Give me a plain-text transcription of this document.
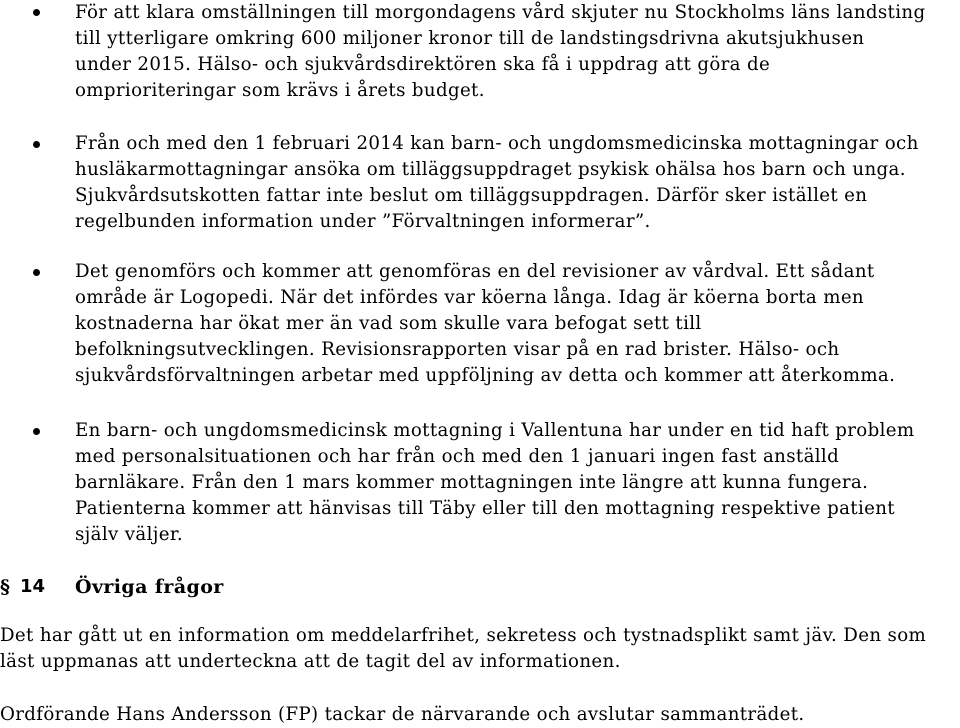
För att klara omställningen till morgondagens vård skjuter nu Stockholms läns landsting
till ytterligare omkring 600 miljoner kronor till de landstingsdrivna akutsjukhusen
under 2015. Hälso- och sjukvårdsdirektören ska få i uppdrag att göra de
omprioriteringar som krävs i årets budget.
Från och med den 1 februari 2014 kan barn- och ungdomsmedicinska mottagningar och
husläkarmottagningar ansöka om tilläggsuppdraget psykisk ohälsa hos barn och unga.
Sjukvårdsutskotten fattar inte beslut om tilläggsuppdragen. Därför sker istället en
regelbunden information under ”Förvaltningen informerar”.
Det genomförs och kommer att genomföras en del revisioner av vårdval. Ett sådant
område är Logopedi. När det infördes var köerna långa. Idag är köerna borta men
kostnaderna har ökat mer än vad som skulle vara befogat sett till
befolkningsutvecklingen. Revisionsrapporten visar på en rad brister. Hälso- och
sjukvårdsförvaltningen arbetar med uppföljning av detta och kommer att återkomma.
En barn- och ungdomsmedicinsk mottagning i Vallentuna har under en tid haft problem
med personalsituationen och har från och med den 1 januari ingen fast anställd
barnläkare. Från den 1 mars kommer mottagningen inte längre att kunna fungera.
Patienterna kommer att hänvisas till Täby eller till den mottagning respektive patient
själv väljer.
§ 14 Övriga frågor
Det har gått ut en information om meddelarfrihet, sekretess och tystnadsplikt samt jäv. Den som
läst uppmanas att underteckna att de tagit del av informationen.
Ordförande Hans Andersson (FP) tackar de närvarande och avslutar sammanträdet.
